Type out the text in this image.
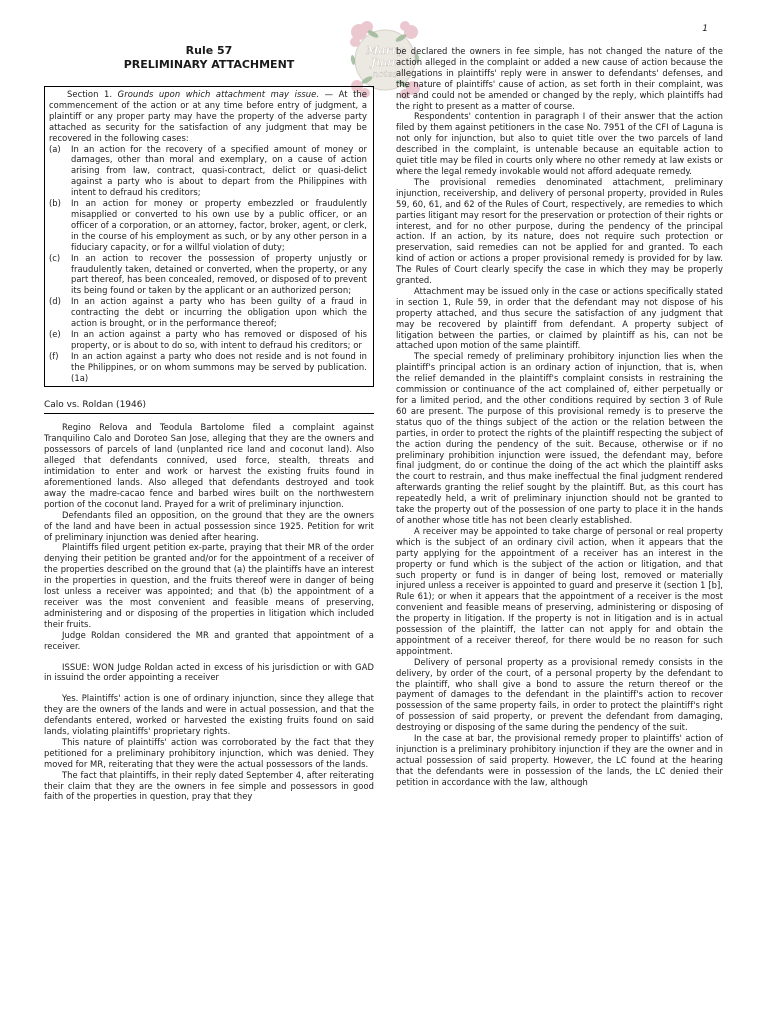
1
Marry
Juan
notes
Rule 57
PRELIMINARY ATTACHMENT

Section 1. Grounds upon which attachment may issue. — At the commencement of the action or at any time before entry of judgment, a plaintiff or any proper party may have the property of the adverse party attached as security for the satisfaction of any judgment that may be recovered in the following cases:

(a)	In an action for the recovery of a specified amount of money or damages, other than moral and exemplary, on a cause of action arising from law, contract, quasi-contract, delict or quasi-delict against a party who is about to depart from the Philippines with intent to defraud his creditors;

(b)	In an action for money or property embezzled or fraudulently misapplied or converted to his own use by a public officer, or an officer of a corporation, or an attorney, factor, broker, agent, or clerk, in the course of his employment as such, or by any other person in a fiduciary capacity, or for a willful violation of duty;

(c)	In an action to recover the possession of property unjustly or fraudulently taken, detained or converted, when the property, or any part thereof, has been concealed, removed, or disposed of to prevent its being found or taken by the applicant or an authorized person;

(d)	In an action against a party who has been guilty of a fraud in contracting the debt or incurring the obligation upon which the action is brought, or in the performance thereof;

(e)	In an action against a party who has removed or disposed of his property, or is about to do so, with intent to defraud his creditors; or

(f)	In an action against a party who does not reside and is not found in the Philippines, or on whom summons may be served by publication. (1a)

Calo vs. Roldan (1946)

Regino Relova and Teodula Bartolome filed a complaint against Tranquilino Calo and Doroteo San Jose, alleging that they are the owners and possessors of parcels of land (unplanted rice land and coconut land). Also alleged that defendants connived, used force, stealth, threats and intimidation to enter and work or harvest the existing fruits found in aforementioned lands. Also alleged that defendants destroyed and took away the madre-cacao fence and barbed wires built on the northwestern portion of the coconut land. Prayed for a writ of preliminary injunction.

Defendants filed an opposition, on the ground that they are the owners of the land and have been in actual possession since 1925. Petition for writ of preliminary injunction was denied after hearing.

Plaintiffs filed urgent petition ex-parte, praying that their MR of the order denying their petition be granted and/or for the appointment of a receiver of the properties described on the ground that (a) the plaintiffs have an interest in the properties in question, and the fruits thereof were in danger of being lost unless a receiver was appointed; and that (b) the appointment of a receiver was the most convenient and feasible means of preserving, administering and or disposing of the properties in litigation which included their fruits.

Judge Roldan considered the MR and granted that appointment of a receiver.

ISSUE: WON Judge Roldan acted in excess of his jurisdiction or with GAD in issuind the order appointing a receiver

Yes. Plaintiffs' action is one of ordinary injunction, since they allege that they are the owners of the lands and were in actual possession, and that the defendants entered, worked or harvested the existing fruits found on said lands, violating plaintiffs' proprietary rights.

This nature of plaintiffs' action was corroborated by the fact that they petitioned for a preliminary prohibitory injunction, which was denied. They moved for MR, reiterating that they were the actual possessors of the lands.

The fact that plaintiffs, in their reply dated September 4, after reiterating their claim that they are the owners in fee simple and possessors in good faith of the properties in question, pray that they

be declared the owners in fee simple, has not changed the nature of the action alleged in the complaint or added a new cause of action because the allegations in plaintiffs' reply were in answer to defendants' defenses, and the nature of plaintiffs' cause of action, as set forth in their complaint, was not and could not be amended or changed by the reply, which plaintiffs had the right to present as a matter of course.

Respondents' contention in paragraph I of their answer that the action filed by them against petitioners in the case No. 7951 of the CFI of Laguna is not only for injunction, but also to quiet title over the two parcels of land described in the complaint, is untenable because an equitable action to quiet title may be filed in courts only where no other remedy at law exists or where the legal remedy invokable would not afford adequate remedy.

The provisional remedies denominated attachment, preliminary injunction, receivership, and delivery of personal property, provided in Rules 59, 60, 61, and 62 of the Rules of Court, respectively, are remedies to which parties litigant may resort for the preservation or protection of their rights or interest, and for no other purpose, during the pendency of the principal action. If an action, by its nature, does not require such protection or preservation, said remedies can not be applied for and granted. To each kind of action or actions a proper provisional remedy is provided for by law. The Rules of Court clearly specify the case in which they may be properly granted.

Attachment may be issued only in the case or actions specifically stated in section 1, Rule 59, in order that the defendant may not dispose of his property attached, and thus secure the satisfaction of any judgment that may be recovered by plaintiff from defendant. A property subject of litigation between the parties, or claimed by plaintiff as his, can not be attached upon motion of the same plaintiff.

The special remedy of preliminary prohibitory injunction lies when the plaintiff's principal action is an ordinary action of injunction, that is, when the relief demanded in the plaintiff's complaint consists in restraining the commission or continuance of the act complained of, either perpetually or for a limited period, and the other conditions required by section 3 of Rule 60 are present. The purpose of this provisional remedy is to preserve the status quo of the things subject of the action or the relation between the parties, in order to protect the rights of the plaintiff respecting the subject of the action during the pendency of the suit. Because, otherwise or if no preliminary prohibition injunction were issued, the defendant may, before final judgment, do or continue the doing of the act which the plaintiff asks the court to restrain, and thus make ineffectual the final judgment rendered afterwards granting the relief sought by the plaintiff. But, as this court has repeatedly held, a writ of preliminary injunction should not be granted to take the property out of the possession of one party to place it in the hands of another whose title has not been clearly established.

A receiver may be appointed to take charge of personal or real property which is the subject of an ordinary civil action, when it appears that the party applying for the appointment of a receiver has an interest in the property or fund which is the subject of the action or litigation, and that such property or fund is in danger of being lost, removed or materially injured unless a receiver is appointed to guard and preserve it (section 1 [b], Rule 61); or when it appears that the appointment of a receiver is the most convenient and feasible means of preserving, administering or disposing of the property in litigation. If the property is not in litigation and is in actual possession of the plaintiff, the latter can not apply for and obtain the appointment of a receiver thereof, for there would be no reason for such appointment.

Delivery of personal property as a provisional remedy consists in the delivery, by order of the court, of a personal property by the defendant to the plaintiff, who shall give a bond to assure the return thereof or the payment of damages to the defendant in the plaintiff's action to recover possession of the same property fails, in order to protect the plaintiff's right of possession of said property, or prevent the defendant from damaging, destroying or disposing of the same during the pendency of the suit.

In the case at bar, the provisional remedy proper to plaintiffs' action of injunction is a preliminary prohibitory injunction if they are the owner and in actual possession of said property. However, the LC found at the hearing that the defendants were in possession of the lands, the LC denied their petition in accordance with the law, although
